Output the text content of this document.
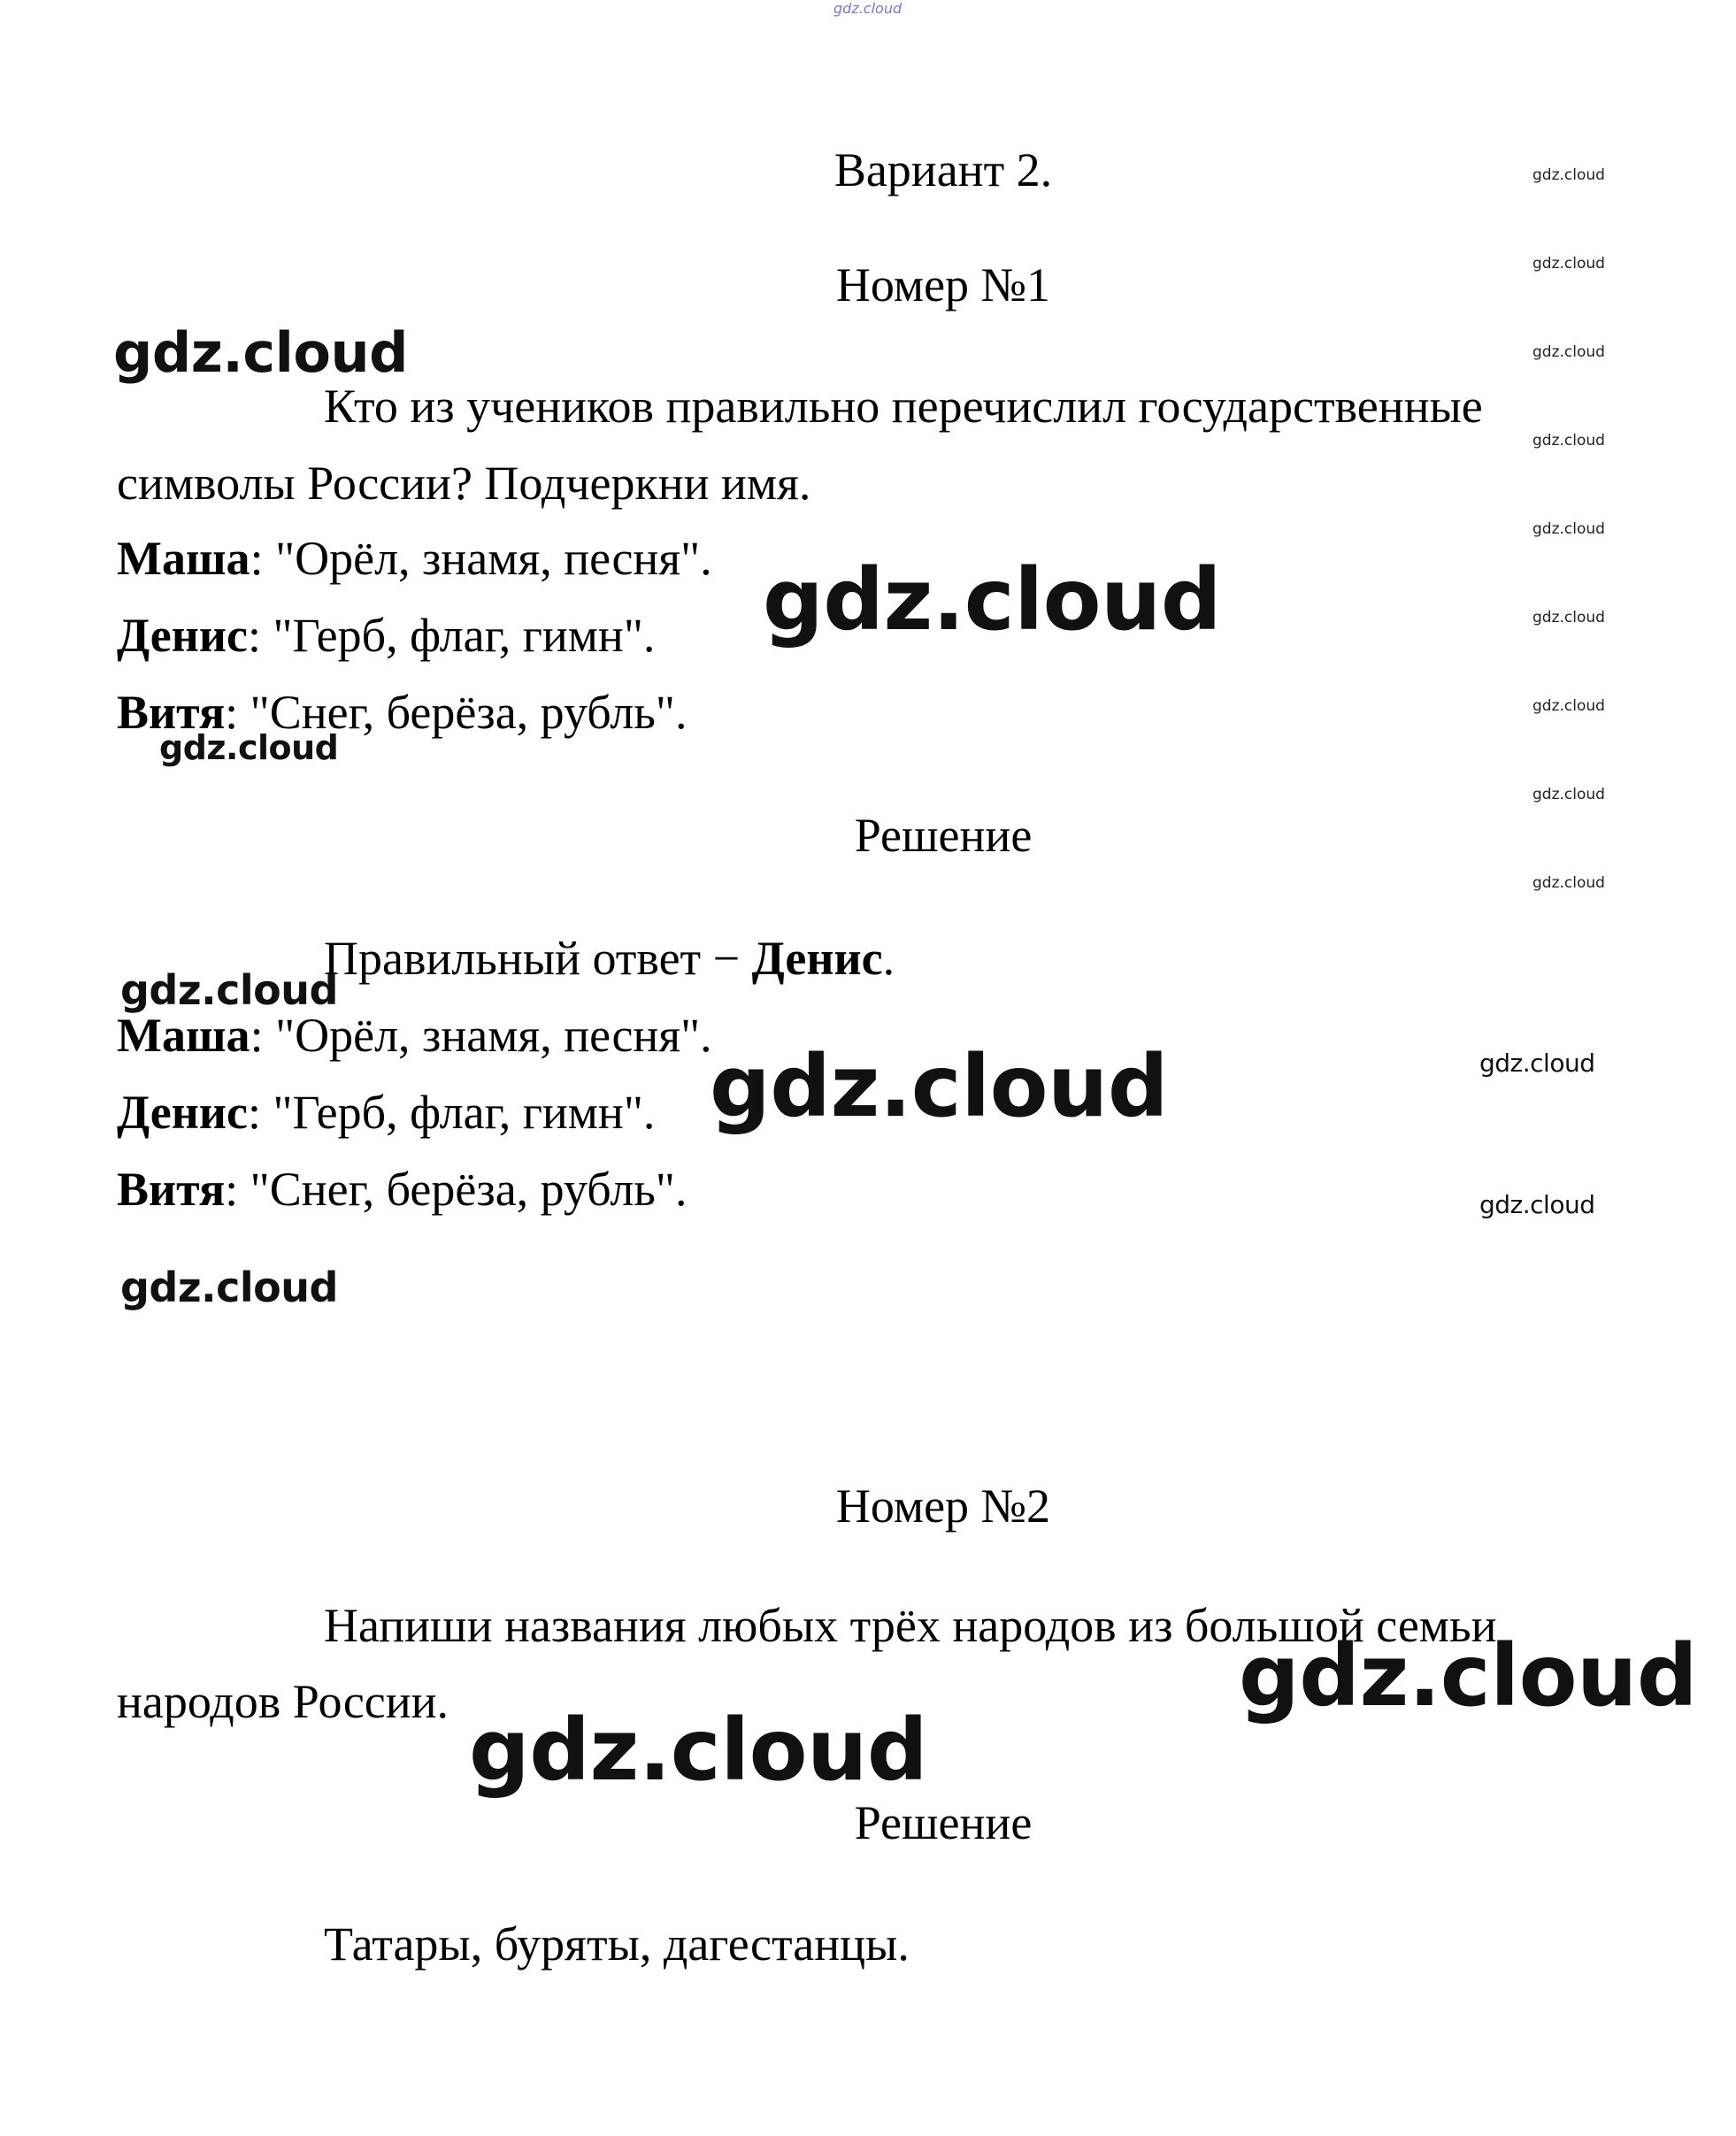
gdz.cloud
gdz.cloud
gdz.cloud
gdz.cloud
gdz.cloud
gdz.cloud
gdz.cloud
gdz.cloud
gdz.cloud
gdz.cloud
Вариант 2.
Номер №1
gdz.cloud
Кто из учеников правильно перечислил государственные
символы России? Подчеркни имя.
Маша: "Орёл, знамя, песня".
Денис: "Герб, флаг, гимн".
Витя: "Снег, берёза, рубль".
gdz.cloud
gdz.cloud
Решение
gdz.cloud
Правильный ответ − Денис.
Маша: "Орёл, знамя, песня".
Денис: "Герб, флаг, гимн".
Витя: "Снег, берёза, рубль".
gdz.cloud	gdz.cloud
gdz.cloud
gdz.cloud
Номер №2
Напиши названия любых трёх народов из большой семьи
народов России.	gdz.cloud
gdz.cloud
Решение
Татары, буряты, дагестанцы.
